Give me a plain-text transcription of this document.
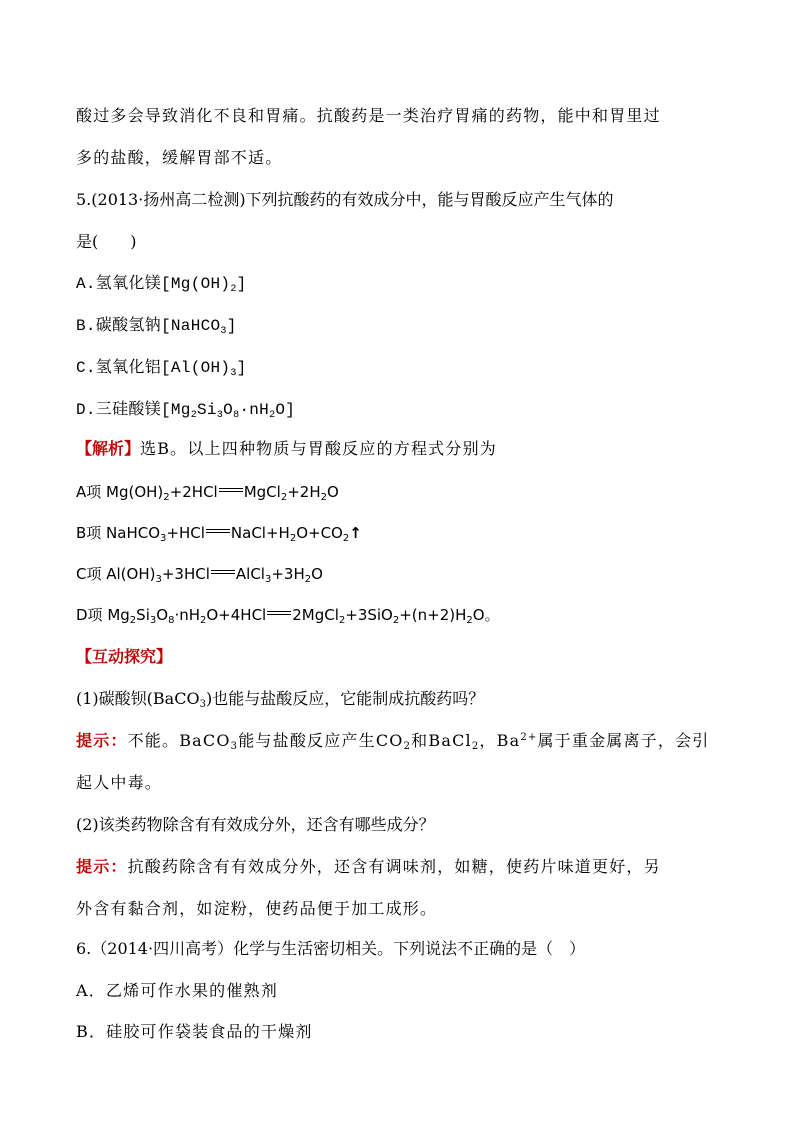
酸过多会导致消化不良和胃痛。抗酸药是一类治疗胃痛的药物，能中和胃里过
多的盐酸，缓解胃部不适。
5.(2013·扬州高二检测)下列抗酸药的有效成分中，能与胃酸反应产生气体的
是(　　)
A.氢氧化镁$[Mg(OH)_2]$
B.碳酸氢钠[NaHCO$_3$]
C.氢氧化铝$[Al(OH)_3]$
D.三硅酸镁$[Mg_2Si_3O_8\cdot nH_2O]$
【解析】选B。以上四种物质与胃酸反应的方程式分别为
A项 $Mg(OH)_2+2HCl$ $MgCl_2+2H_2O$
B项 NaHCO$_3$+HCl $NaCl+H_2O+CO_2↑$
C项 $Al(OH)_3+3HCl$ $AlCl_3+3H_2O$
D项 $Mg_2Si_3O_8\cdot nH_2O+4HCl$ $2MgCl_2+3SiO_2+(n+2)H_2O$。
【互动探究】
(1)碳酸钡(BaCO$_3$)也能与盐酸反应，它能制成抗酸药吗？
提示：不能。BaCO$_3$能与盐酸反应产生$CO_2$和BaCl$_2$，$Ba^{2+}$属于重金属离子，会引
起人中毒。
(2)该类药物除含有有效成分外，还含有哪些成分？
提示：抗酸药除含有有效成分外，还含有调味剂，如糖，使药片味道更好，另
外含有黏合剂，如淀粉，使药品便于加工成形。
6.（2014·四川高考）化学与生活密切相关。下列说法不正确的是（　）
A．乙烯可作水果的催熟剂
B．硅胶可作袋装食品的干燥剂
